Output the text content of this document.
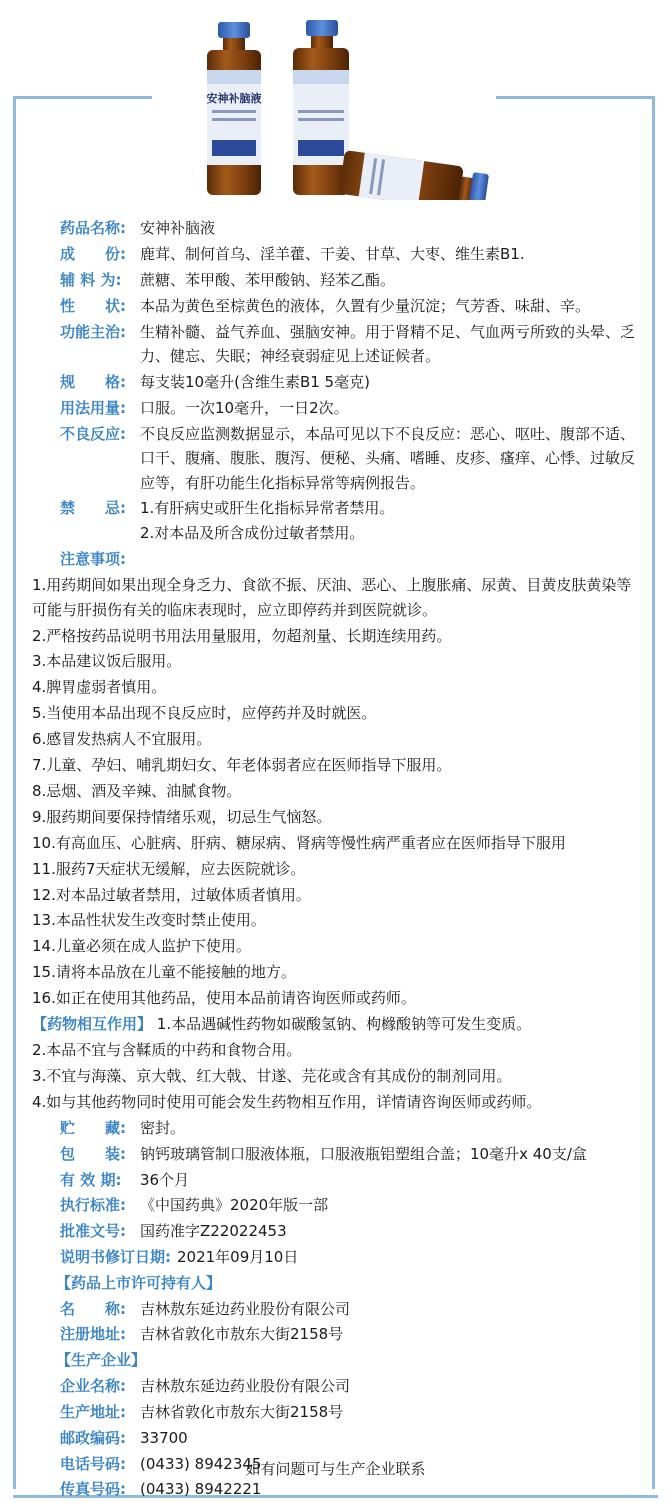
安神补脑液
药品名称: 安神补脑液
成　　份: 鹿茸、制何首乌、淫羊藿、干姜、甘草、大枣、维生素B1.
辅 料 为:	蔗糖、苯甲酸、苯甲酸钠、羟苯乙酯。
性　　状: 本品为黄色至棕黄色的液体，久置有少量沉淀；气芳香、味甜、辛。
功能主治: 生精补髓、益气养血、强脑安神。用于肾精不足、气血两亏所致的头晕、乏力、健忘、失眠；神经衰弱症见上述证候者。
规　　格: 每支装10毫升(含维生素B1 5毫克)
用法用量: 口服。一次10毫升，一日2次。
不良反应: 不良反应监测数据显示，本品可见以下不良反应：恶心、呕吐、腹部不适、口干、腹痛、腹胀、腹泻、便秘、头痛、嗜睡、皮疹、瘙痒、心悸、过敏反应等，有肝功能生化指标异常等病例报告。
禁　　忌: 1.有肝病史或肝生化指标异常者禁用。
2.对本品及所含成份过敏者禁用。
注意事项:
1.用药期间如果出现全身乏力、食欲不振、厌油、恶心、上腹胀痛、尿黄、目黄皮肤黄染等可能与肝损伤有关的临床表现时，应立即停药并到医院就诊。
2.严格按药品说明书用法用量服用，勿超剂量、长期连续用药。
3.本品建议饭后服用。
4.脾胃虚弱者慎用。
5.当使用本品出现不良反应时，应停药并及时就医。
6.感冒发热病人不宜服用。
7.儿童、孕妇、哺乳期妇女、年老体弱者应在医师指导下服用。
8.忌烟、酒及辛辣、油腻食物。
9.服药期间要保持情绪乐观，切忌生气恼怒。
10.有高血压、心脏病、肝病、糖尿病、肾病等慢性病严重者应在医师指导下服用
11.服药7天症状无缓解，应去医院就诊。
12.对本品过敏者禁用，过敏体质者慎用。
13.本品性状发生改变时禁止使用。
14.儿童必须在成人监护下使用。
15.请将本品放在儿童不能接触的地方。
16.如正在使用其他药品，使用本品前请咨询医师或药师。
【药物相互作用】 1.本品遇碱性药物如碳酸氢钠、枸橼酸钠等可发生变质。
2.本品不宜与含鞣质的中药和食物合用。
3.不宜与海藻、京大戟、红大戟、甘遂、芫花或含有其成份的制剂同用。
4.如与其他药物同时使用可能会发生药物相互作用，详情请咨询医师或药师。
贮　　藏: 密封。
包　　装: 钠钙玻璃管制口服液体瓶，口服液瓶铝塑组合盖；10毫升x 40支/盒
有 效 期:	36个月
执行标准: 《中国药典》2020年版一部
批准文号: 国药准字Z22022453
说明书修订日期: 2021年09月10日
【药品上市许可持有人】
名　　称: 吉林敖东延边药业股份有限公司
注册地址: 吉林省敦化市敖东大街2158号
【生产企业】
企业名称: 吉林敖东延边药业股份有限公司
生产地址: 吉林省敦化市敖东大街2158号
邮政编码: 33700
电话号码: (0433) 8942345
传真号码: (0433) 8942221
如有问题可与生产企业联系
